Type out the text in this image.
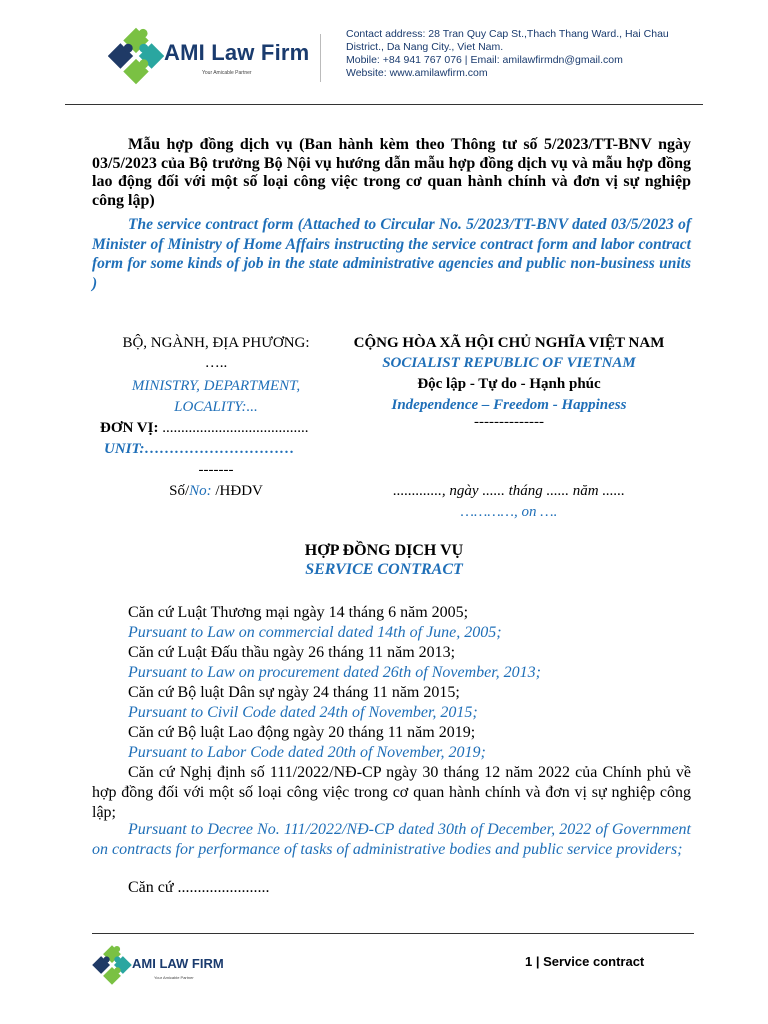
AMI Law Firm
Your Amicable Partner
Contact address: 28 Tran Quy Cap St.,Thach Thang Ward., Hai Chau
District., Da Nang City., Viet Nam.
Mobile: +84 941 767 076 | Email: amilawfirmdn@gmail.com
Website: www.amilawfirm.com
Mẫu hợp đồng dịch vụ (Ban hành kèm theo Thông tư số 5/2023/TT-BNV ngày 03/5/2023 của Bộ trưởng Bộ Nội vụ hướng dẫn mẫu hợp đồng dịch vụ và mẫu hợp đồng lao động đối với một số loại công việc trong cơ quan hành chính và đơn vị sự nghiệp công lập)
The service contract form (Attached to Circular No. 5/2023/TT-BNV dated 03/5/2023 of Minister of Ministry of Home Affairs instructing the service contract form and labor contract form for some kinds of job in the state administrative agencies and public non-business units )
BỘ, NGÀNH, ĐỊA PHƯƠNG:
…..
MINISTRY, DEPARTMENT,
LOCALITY:...
ĐƠN VỊ: .......................................
UNIT:…………………………
-------
Số/No: /HĐDV
CỘNG HÒA XÃ HỘI CHỦ NGHĨA VIỆT NAM
SOCIALIST REPUBLIC OF VIETNAM
Độc lập - Tự do - Hạnh phúc
Independence – Freedom - Happiness
--------------
............., ngày ...... tháng ...... năm ......
…………, on ….
HỢP ĐỒNG DỊCH VỤ
SERVICE CONTRACT
Căn cứ Luật Thương mại ngày 14 tháng 6 năm 2005;
Pursuant to Law on commercial dated 14th of June, 2005;
Căn cứ Luật Đấu thầu ngày 26 tháng 11 năm 2013;
Pursuant to Law on procurement dated 26th of November, 2013;
Căn cứ Bộ luật Dân sự ngày 24 tháng 11 năm 2015;
Pursuant to Civil Code dated 24th of November, 2015;
Căn cứ Bộ luật Lao động ngày 20 tháng 11 năm 2019;
Pursuant to Labor Code dated 20th of November, 2019;
Căn cứ Nghị định số 111/2022/NĐ-CP ngày 30 tháng 12 năm 2022 của Chính phủ về hợp đồng đối với một số loại công việc trong cơ quan hành chính và đơn vị sự nghiệp công lập;
Pursuant to Decree No. 111/2022/NĐ-CP dated 30th of December, 2022 of Government on contracts for performance of tasks of administrative bodies and public service providers;
Căn cứ .......................
AMI LAW FIRM
Your Amicable Partner
1 | Service contract
